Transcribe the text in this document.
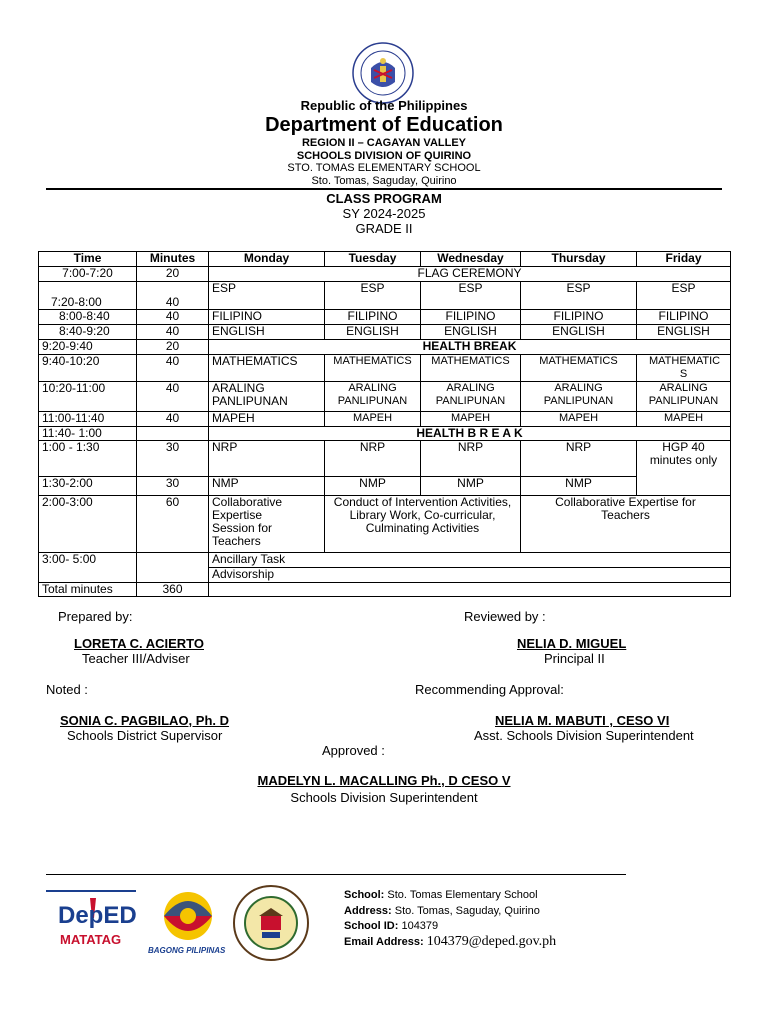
Republic of the Philippines
Department of Education
REGION II – CAGAYAN VALLEY
SCHOOLS DIVISION OF QUIRINO
STO. TOMAS ELEMENTARY SCHOOL
Sto. Tomas, Saguday, Quirino
CLASS PROGRAM
SY 2024-2025
GRADE II
Time	Minutes	Monday	Tuesday	Wednesday	Thursday	Friday
7:00-7:20	20	FLAG CEREMONY				
7:20-8:00	40	ESP	ESP	ESP	ESP	ESP
8:00-8:40	40	FILIPINO	FILIPINO	FILIPINO	FILIPINO	FILIPINO
8:40-9:20	40	ENGLISH	ENGLISH	ENGLISH	ENGLISH	ENGLISH
9:20-9:40	20	HEALTH BREAK				
9:40-10:20	40	MATHEMATICS	MATHEMATICS	MATHEMATICS	MATHEMATICS	MATHEMATIC S
10:20-11:00	40	ARALING PANLIPUNAN	ARALING PANLIPUNAN	ARALING PANLIPUNAN	ARALING PANLIPUNAN	ARALING PANLIPUNAN
11:00-11:40	40	MAPEH	MAPEH	MAPEH	MAPEH	MAPEH
11:40- 1:00		HEALTH B R E A K				
1:00 - 1:30	30	NRP	NRP	NRP	NRP	HGP 40 minutes only
1:30-2:00	30	NMP	NMP	NMP	NMP	
2:00-3:00	60	Collaborative Expertise Session for Teachers	Conduct of Intervention Activities, Library Work, Co-curricular, Culminating Activities		Collaborative Expertise for Teachers	
3:00- 5:00		Ancillary Task				
		Advisorship				
Total minutes	360					
Prepared by:	Reviewed by :
LORETA C. ACIERTO
Teacher III/Adviser
NELIA D. MIGUEL
Principal II
Noted :	Recommending Approval:
SONIA C. PAGBILAO, Ph. D
Schools District Supervisor
NELIA M. MABUTI , CESO VI
Asst. Schools Division Superintendent
Approved :
MADELYN L. MACALLING Ph., D CESO V
Schools Division Superintendent
DepED
MATATAG
BAGONG PILIPINAS
School: Sto. Tomas Elementary School
Address: Sto. Tomas, Saguday, Quirino
School ID: 104379
Email Address: 104379@deped.gov.ph
